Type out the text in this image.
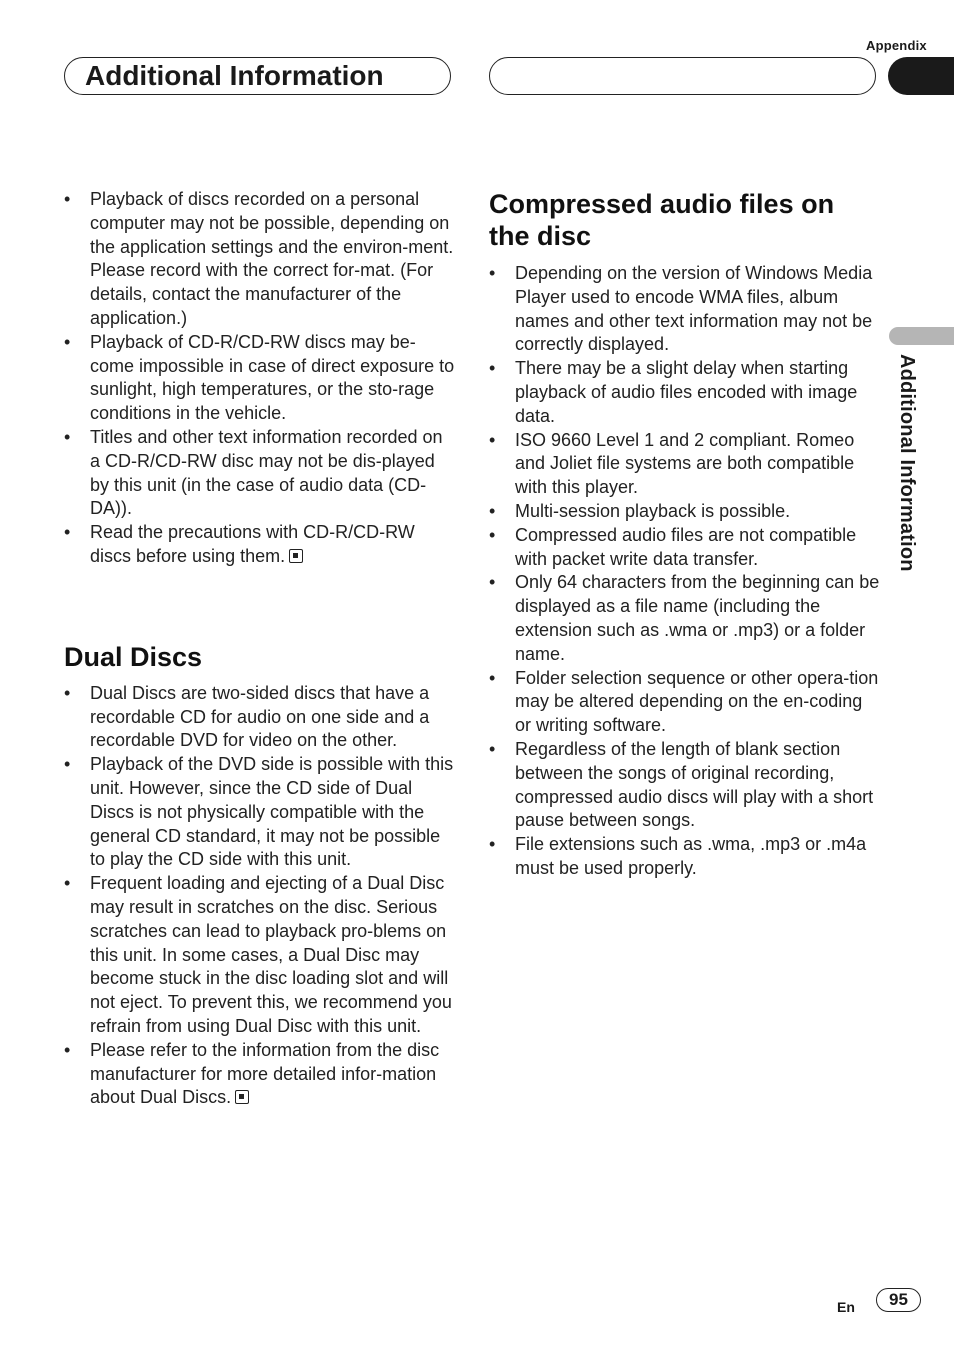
Appendix
Additional Information
Additional Information
• Playback of discs recorded on a personal computer may not be possible, depending on the application settings and the environ-ment. Please record with the correct for-mat. (For details, contact the manufacturer of the application.)
• Playback of CD-R/CD-RW discs may be-come impossible in case of direct exposure to sunlight, high temperatures, or the sto-rage conditions in the vehicle.
• Titles and other text information recorded on a CD-R/CD-RW disc may not be dis-played by this unit (in the case of audio data (CD-DA)).
• Read the precautions with CD-R/CD-RW discs before using them.
Dual Discs
• Dual Discs are two-sided discs that have a recordable CD for audio on one side and a recordable DVD for video on the other.
• Playback of the DVD side is possible with this unit. However, since the CD side of Dual Discs is not physically compatible with the general CD standard, it may not be possible to play the CD side with this unit.
• Frequent loading and ejecting of a Dual Disc may result in scratches on the disc. Serious scratches can lead to playback pro-blems on this unit. In some cases, a Dual Disc may become stuck in the disc loading slot and will not eject. To prevent this, we recommend you refrain from using Dual Disc with this unit.
• Please refer to the information from the disc manufacturer for more detailed infor-mation about Dual Discs.
Compressed audio files on the disc
• Depending on the version of Windows Media Player used to encode WMA files, album names and other text information may not be correctly displayed.
• There may be a slight delay when starting playback of audio files encoded with image data.
• ISO 9660 Level 1 and 2 compliant. Romeo and Joliet file systems are both compatible with this player.
• Multi-session playback is possible.
• Compressed audio files are not compatible with packet write data transfer.
• Only 64 characters from the beginning can be displayed as a file name (including the extension such as .wma or .mp3) or a folder name.
• Folder selection sequence or other opera-tion may be altered depending on the en-coding or writing software.
• Regardless of the length of blank section between the songs of original recording, compressed audio discs will play with a short pause between songs.
• File extensions such as .wma, .mp3 or .m4a must be used properly.
En	95
